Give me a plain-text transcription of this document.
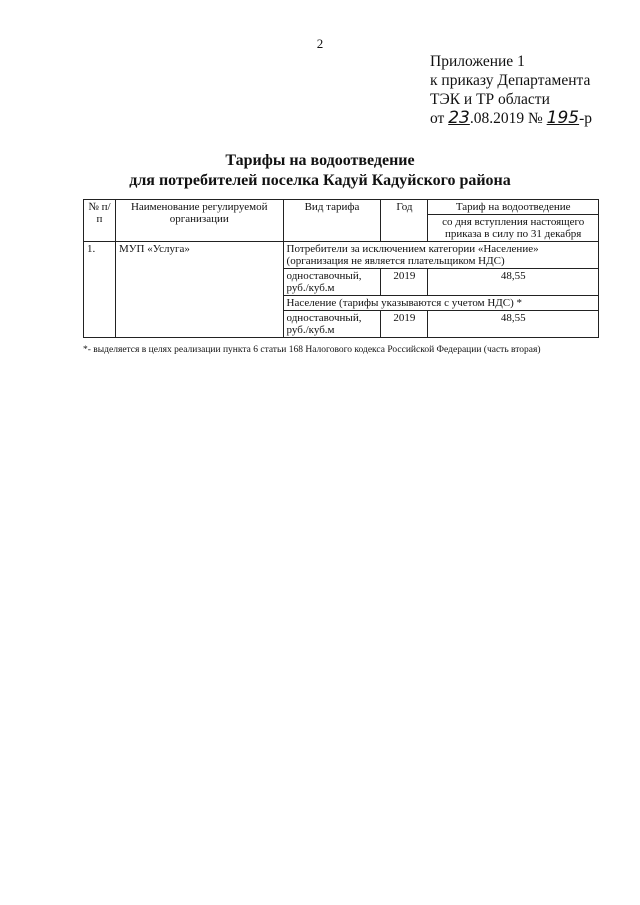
2
Приложение 1
к приказу Департамента
ТЭК и ТР области
от 23.08.2019 № 195-р
Тарифы на водоотведение
для потребителей поселка Кадуй Кадуйского района
№ п/п	Наименование регулируемой организации	Вид тарифа	Год	Тариф на водоотведение
				со дня вступления настоящего приказа в силу по 31 декабря
1.	МУП «Услуга»	Потребители за исключением категории «Население» (организация не является плательщиком НДС)		
		одноставочный, руб./куб.м	2019	48,55
		Население (тарифы указываются с учетом НДС) *		
		одноставочный, руб./куб.м	2019	48,55
*- выделяется в целях реализации пункта 6 статьи 168 Налогового кодекса Российской Федерации (часть вторая)
